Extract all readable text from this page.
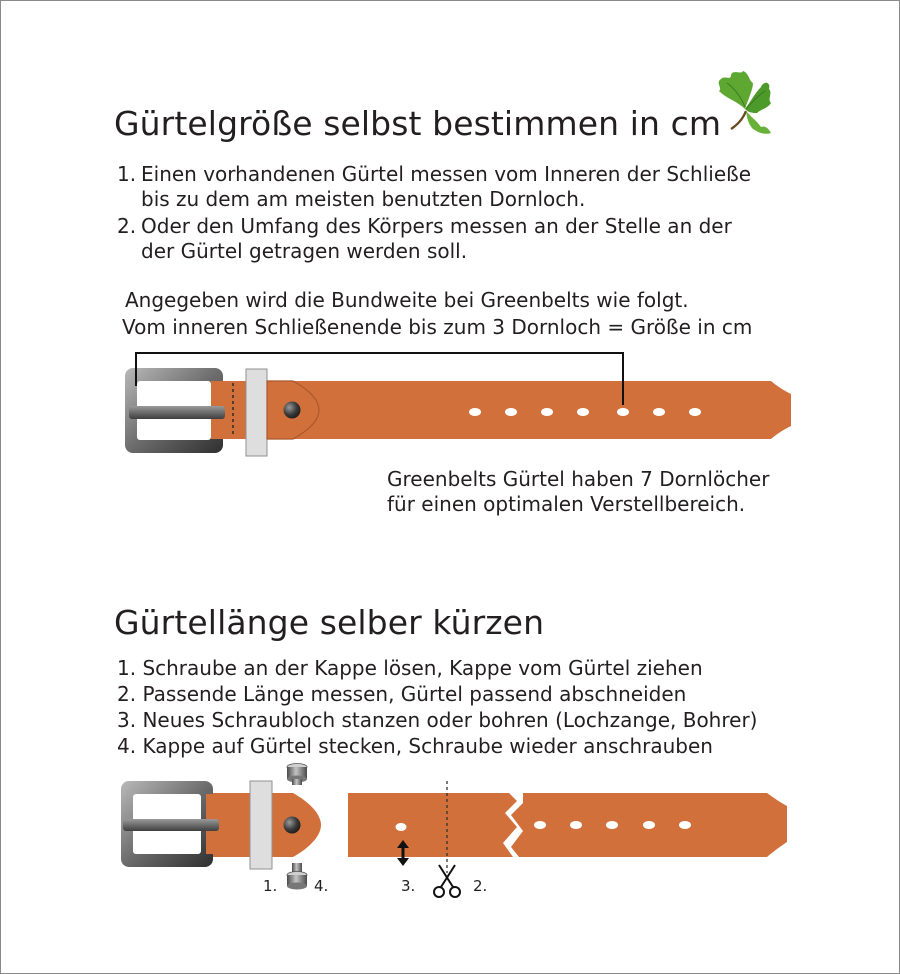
Gürtelgröße selbst bestimmen in cm
1. Einen vorhandenen Gürtel messen vom Inneren der Schließe
bis zu dem am meisten benutzten Dornloch.
2. Oder den Umfang des Körpers messen an der Stelle an der
der Gürtel getragen werden soll.
Angegeben wird die Bundweite bei Greenbelts wie folgt.
Vom inneren Schließenende bis zum 3 Dornloch = Größe in cm
Greenbelts Gürtel haben 7 Dornlöcher
für einen optimalen Verstellbereich.
Gürtellänge selber kürzen
1. Schraube an der Kappe lösen, Kappe vom Gürtel ziehen
2. Passende Länge messen, Gürtel passend abschneiden
3. Neues Schraubloch stanzen oder bohren (Lochzange, Bohrer)
4. Kappe auf Gürtel stecken, Schraube wieder anschrauben
1. 4.	3.	2.
